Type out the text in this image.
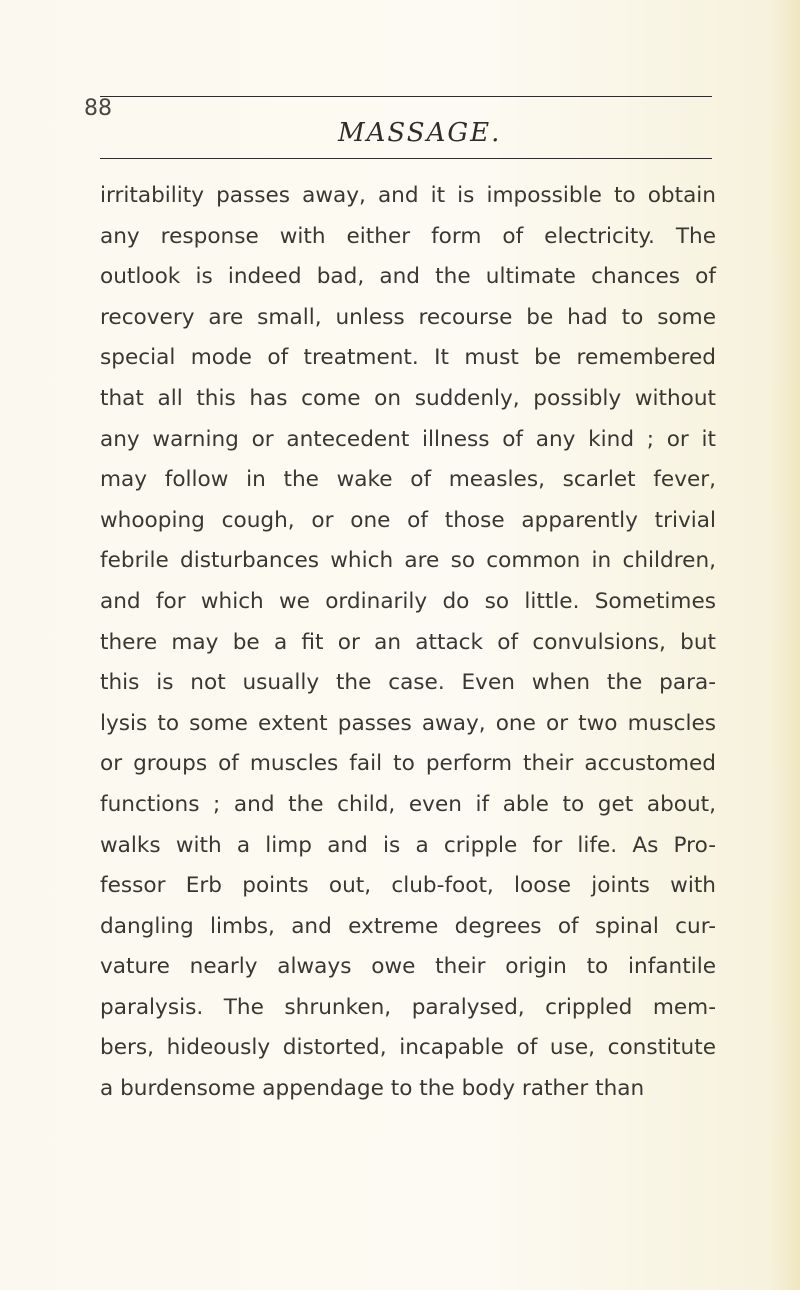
88
MASSAGE.
irritability passes away, and it is impossible to obtain
any response with either form of electricity. The
outlook is indeed bad, and the ultimate chances of
recovery are small, unless recourse be had to some
special mode of treatment. It must be remembered
that all this has come on suddenly, possibly without
any warning or antecedent illness of any kind ; or it
may follow in the wake of measles, scarlet fever,
whooping cough, or one of those apparently trivial
febrile disturbances which are so common in children,
and for which we ordinarily do so little. Sometimes
there may be a fit or an attack of convulsions, but
this is not usually the case. Even when the para-
lysis to some extent passes away, one or two muscles
or groups of muscles fail to perform their accustomed
functions ; and the child, even if able to get about,
walks with a limp and is a cripple for life. As Pro-
fessor Erb points out, club-foot, loose joints with
dangling limbs, and extreme degrees of spinal cur-
vature nearly always owe their origin to infantile
paralysis. The shrunken, paralysed, crippled mem-
bers, hideously distorted, incapable of use, constitute
a burdensome appendage to the body rather than
